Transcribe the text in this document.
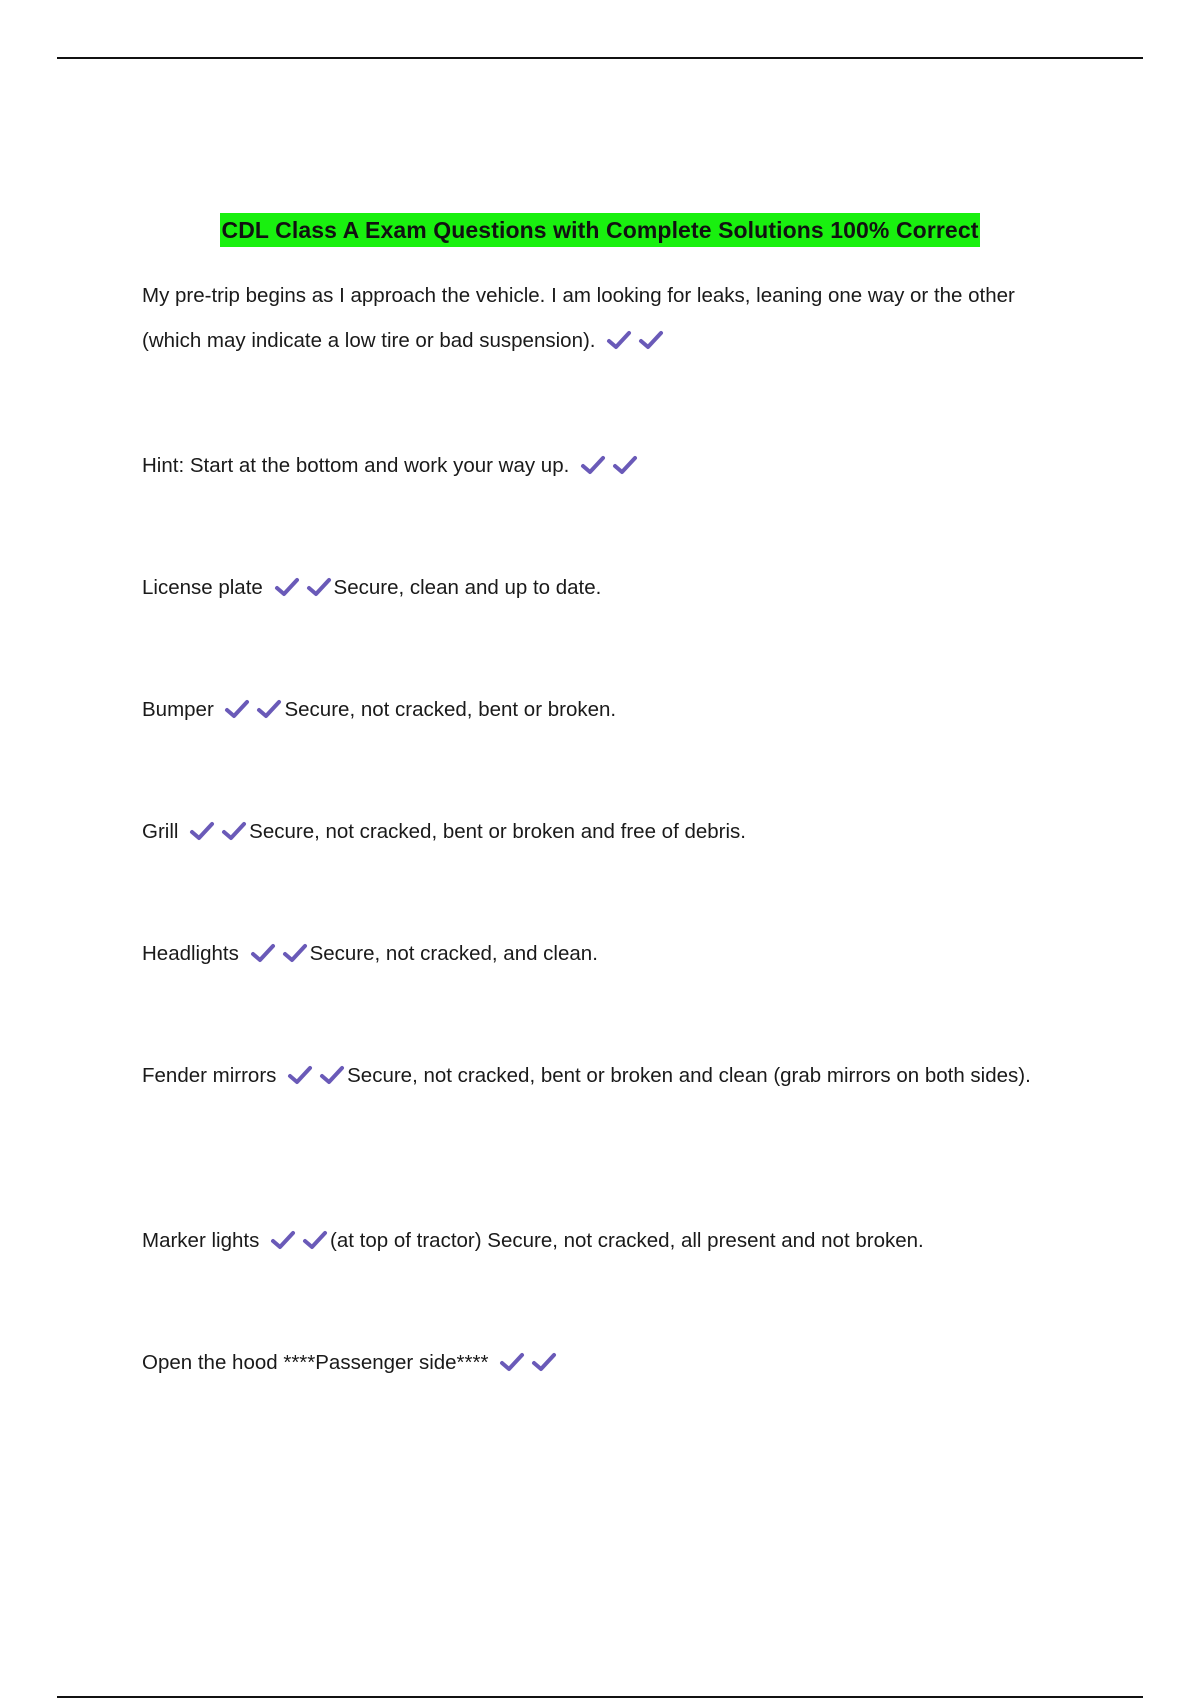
CDL Class A Exam Questions with Complete Solutions 100% Correct
My pre-trip begins as I approach the vehicle. I am looking for leaks, leaning one way or the other (which may indicate a low tire or bad suspension).
Hint: Start at the bottom and work your way up.
License plate	Secure, clean and up to date.
Bumper	Secure, not cracked, bent or broken.
Grill	Secure, not cracked, bent or broken and free of debris.
Headlights	Secure, not cracked, and clean.
Fender mirrors	Secure, not cracked, bent or broken and clean (grab mirrors on both sides).
Marker lights	(at top of tractor) Secure, not cracked, all present and not broken.
Open the hood ****Passenger side****
